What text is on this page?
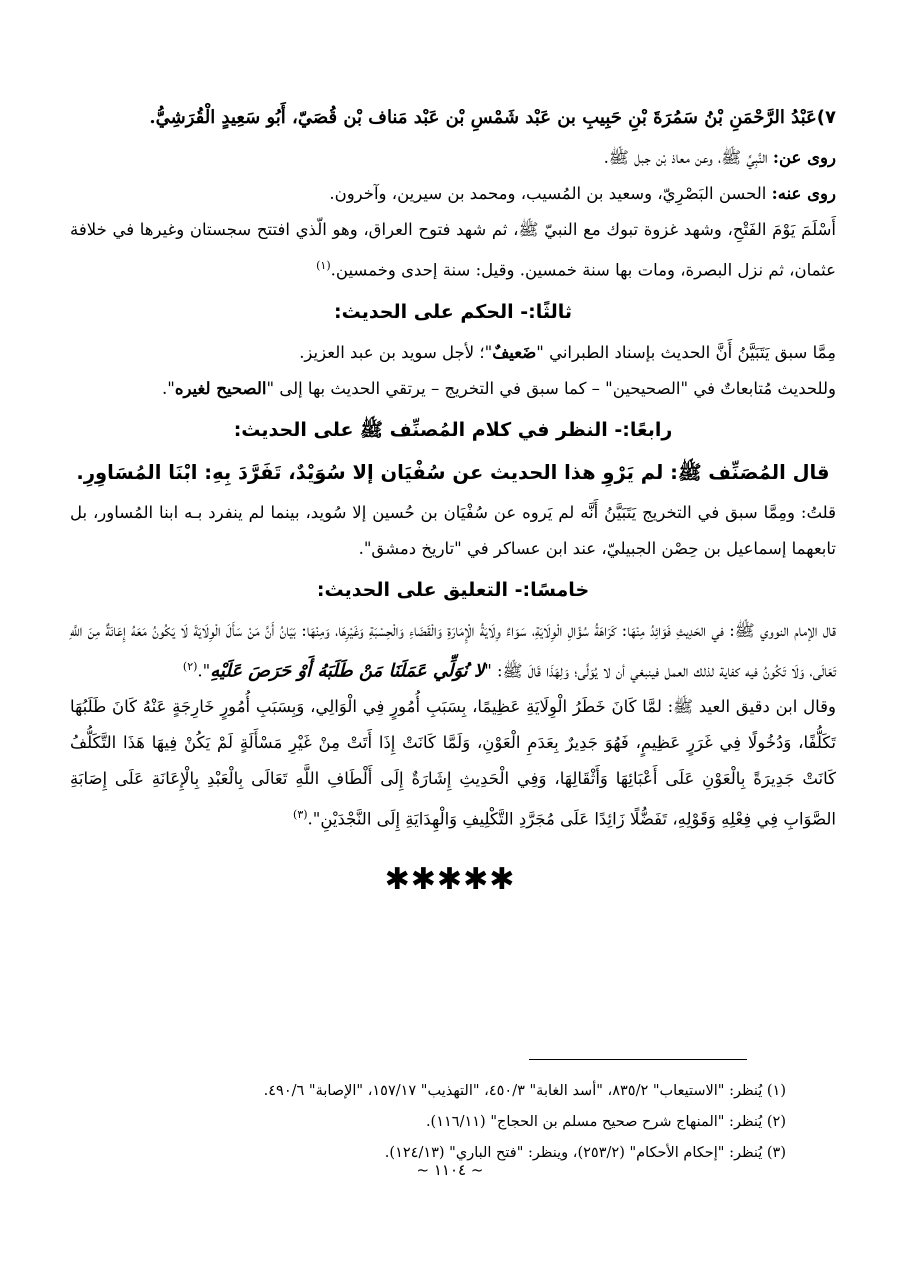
٧)عَبْدُ الرَّحْمَنِ بْنُ سَمُرَةَ بْنِ حَبِيبِ بن عَبْد شَمْسِ بْن عَبْد مَناف بْن قُصَيّ، أَبُو سَعِيدٍ الْقُرَشِيُّ.

روى عن: النَّبِيِّ ﷺ، وعن معاذ بْن جبل ﷺ.

روى عنه: الحسن البَصْرِيّ، وسعيد بن المُسيب، ومحمد بن سيرين، وآخرون.

أَسْلَمَ يَوْمَ الفَتْحِ، وشهد غزوة تبوك مع النبيّ ﷺ، ثم شهد فتوح العراق، وهو الّذي افتتح سجستان وغيرها في خلافة عثمان، ثم نزل البصرة، ومات بها سنة خمسين. وقيل: سنة إحدى وخمسين.$^{(١)}$

ثالثًا:- الحكم على الحديث:

مِمَّا سبق يَتَبَيَّنُ أَنَّ الحديث بإسناد الطبراني "ضَعيفٌ"؛ لأجل سويد بن عبد العزيز.

وللحديث مُتابعاتٌ في "الصحيحين" – كما سبق في التخريج – يرتقي الحديث بها إلى "الصحيح لغيره".

رابعًا:- النظر في كلام المُصنِّف ﷺ على الحديث:
قال المُصَنِّف ﷺ: لم يَرْوِ هذا الحديث عن سُفْيَان إلا سُوَيْدٌ، تَفَرَّدَ بِهِ: ابْنَا المُسَاوِرِ.

قلتُ: ومِمَّا سبق في التخريج يَتَبَيَّنُ أَنَّه لم يَروه عن سُفْيَان بن حُسين إلا سُويد، بينما لم ينفرد بـه ابنا المُساور، بل تابعهما إسماعيل بن حِصْن الجبيليّ، عند ابن عساكر في "تاريخ دمشق".

خامسًا:- التعليق على الحديث:

قال الإمام النووي ﷺ: في الحَدِيثِ فَوَائِدُ مِنْهَا: كَرَاهَةُ سُؤَالِ الْوِلَايَةِ، سَوَاءٌ وِلَايَةُ الْإِمَارَةِ وَالْقَضَاءِ وَالْحِسْبَةِ وَغَيْرِهَا، وَمِنْهَا: بَيَانُ أَنَّ مَنْ سَأَلَ الْوِلَايَةَ لَا يَكُونُ مَعَهُ إِعَانَةٌ مِنَ اللَّهِ تَعَالَى، وَلَا تَكُونُ فيه كفاية لذلك العمل فينبغي أن لا يُوَلَّى؛ وَلِهَذَا قَالَ ﷺ: "لا نُوَلِّي عَمَلَنَا مَنْ طَلَبَهُ أَوْ حَرَصَ عَلَيْهِ".$^{(٢)}$

وقال ابن دقيق العيد ﷺ: لمَّا كَانَ خَطَرُ الْوِلَايَةِ عَظِيمًا، بِسَبَبِ أُمُورٍ فِي الْوَالِي، وَبِسَبَبِ أُمُورٍ خَارِجَةٍ عَنْهُ كَانَ طَلَبُهَا تَكَلُّفًا، وَدُخُولًا فِي غَرَرٍ عَظِيمٍ، فَهُوَ جَدِيرٌ بِعَدَمِ الْعَوْنِ، وَلَمَّا كَانَتْ إِذَا أَتَتْ مِنْ غَيْرِ مَسْأَلَةٍ لَمْ يَكُنْ فِيهَا هَذَا التَّكَلُّفُ كَانَتْ جَدِيرَةً بِالْعَوْنِ عَلَى أَعْبَائِهَا وَأَثْقَالِهَا، وَفِي الْحَدِيثِ إِشَارَةٌ إِلَى أَلْطَافِ اللَّهِ تَعَالَى بِالْعَبْدِ بِالْإِعَانَةِ عَلَى إِصَابَةِ الصَّوَابِ فِي فِعْلِهِ وَقَوْلِهِ، تَفَضُّلًا زَائِدًا عَلَى مُجَرَّدِ التَّكْلِيفِ وَالْهِدَايَةِ إِلَى النَّجْدَيْنِ".$^{(٣)}$

✱✱✱✱✱
(١) يُنظر: "الاستيعاب" ٨٣٥/٢، "أسد الغابة" ٤٥٠/٣، "التهذيب" ١٥٧/١٧، "الإصابة" ٤٩٠/٦.
(٢) يُنظر: "المنهاج شرح صحيح مسلم بن الحجاج" (١١٦/١١).
(٣) يُنظر: "إحكام الأحكام" (٢٥٣/٢)، وينظر: "فتح الباري" (١٢٤/١٣).
~ ١١٠٤ ~
